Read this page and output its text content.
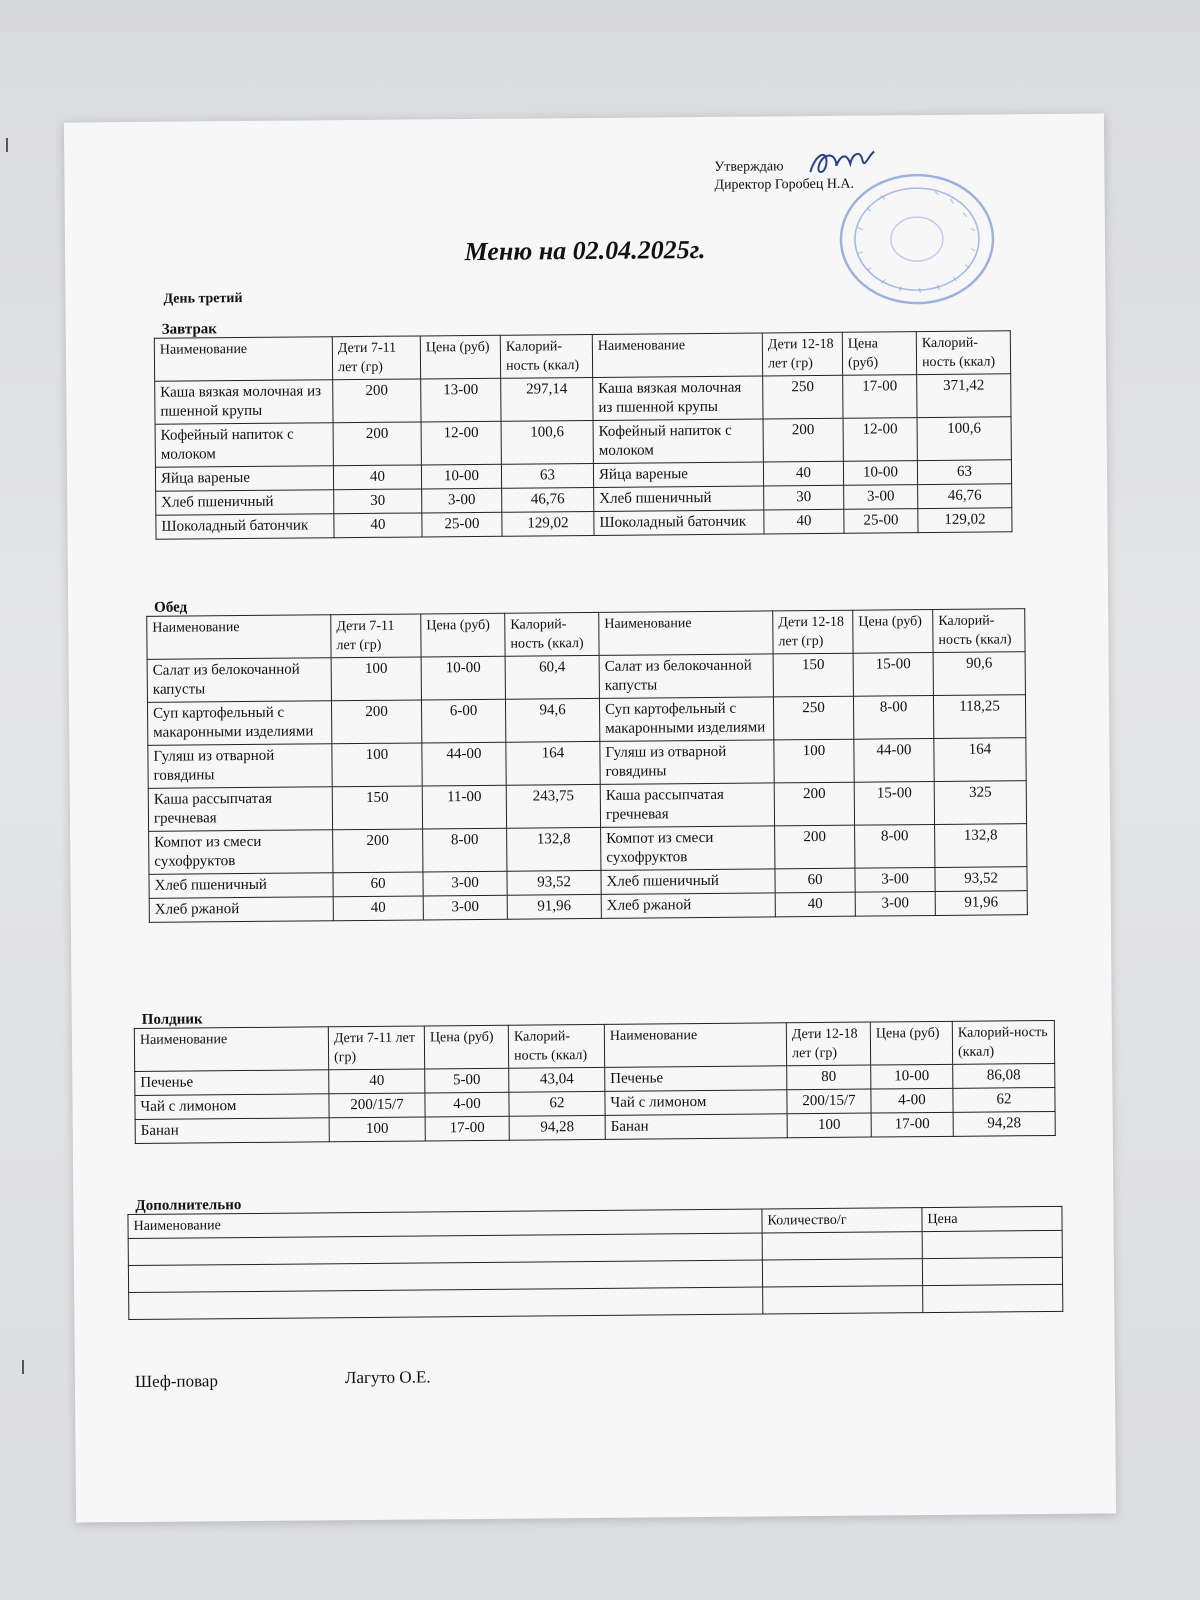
Утверждаю
Директор Горобец Н.А.
Меню на 02.04.2025г.
День третий
Завтрак
Наименование	Дети 7-11 лет (гр)	Цена (руб)	Калорий-ность (ккал)	Наименование	Дети 12-18 лет (гр)	Цена (руб)	Калорий-ность (ккал)
Каша вязкая молочная из пшенной крупы	200	13-00	297,14	Каша вязкая молочная из пшенной крупы	250	17-00	371,42
Кофейный напиток с молоком	200	12-00	100,6	Кофейный напиток с молоком	200	12-00	100,6
Яйца вареные	40	10-00	63	Яйца вареные	40	10-00	63
Хлеб пшеничный	30	3-00	46,76	Хлеб пшеничный	30	3-00	46,76
Шоколадный батончик	40	25-00	129,02	Шоколадный батончик	40	25-00	129,02
Обед
Наименование	Дети 7-11 лет (гр)	Цена (руб)	Калорий-ность (ккал)	Наименование	Дети 12-18 лет (гр)	Цена (руб)	Калорий-ность (ккал)
Салат из белокочанной капусты	100	10-00	60,4	Салат из белокочанной капусты	150	15-00	90,6
Суп картофельный с макаронными изделиями	200	6-00	94,6	Суп картофельный с макаронными изделиями	250	8-00	118,25
Гуляш из отварной говядины	100	44-00	164	Гуляш из отварной говядины	100	44-00	164
Каша рассыпчатая гречневая	150	11-00	243,75	Каша рассыпчатая гречневая	200	15-00	325
Компот из смеси сухофруктов	200	8-00	132,8	Компот из смеси сухофруктов	200	8-00	132,8
Хлеб пшеничный	60	3-00	93,52	Хлеб пшеничный	60	3-00	93,52
Хлеб ржаной	40	3-00	91,96	Хлеб ржаной	40	3-00	91,96
Полдник
Наименование	Дети 7-11 лет (гр)	Цена (руб)	Калорий-ность (ккал)	Наименование	Дети 12-18 лет (гр)	Цена (руб)	Калорий-ность (ккал)
Печенье	40	5-00	43,04	Печенье	80	10-00	86,08
Чай с лимоном	200/15/7	4-00	62	Чай с лимоном	200/15/7	4-00	62
Банан	100	17-00	94,28	Банан	100	17-00	94,28
Дополнительно
Наименование	Количество/г	Цена

Шеф-повар	Лагуто О.Е.
